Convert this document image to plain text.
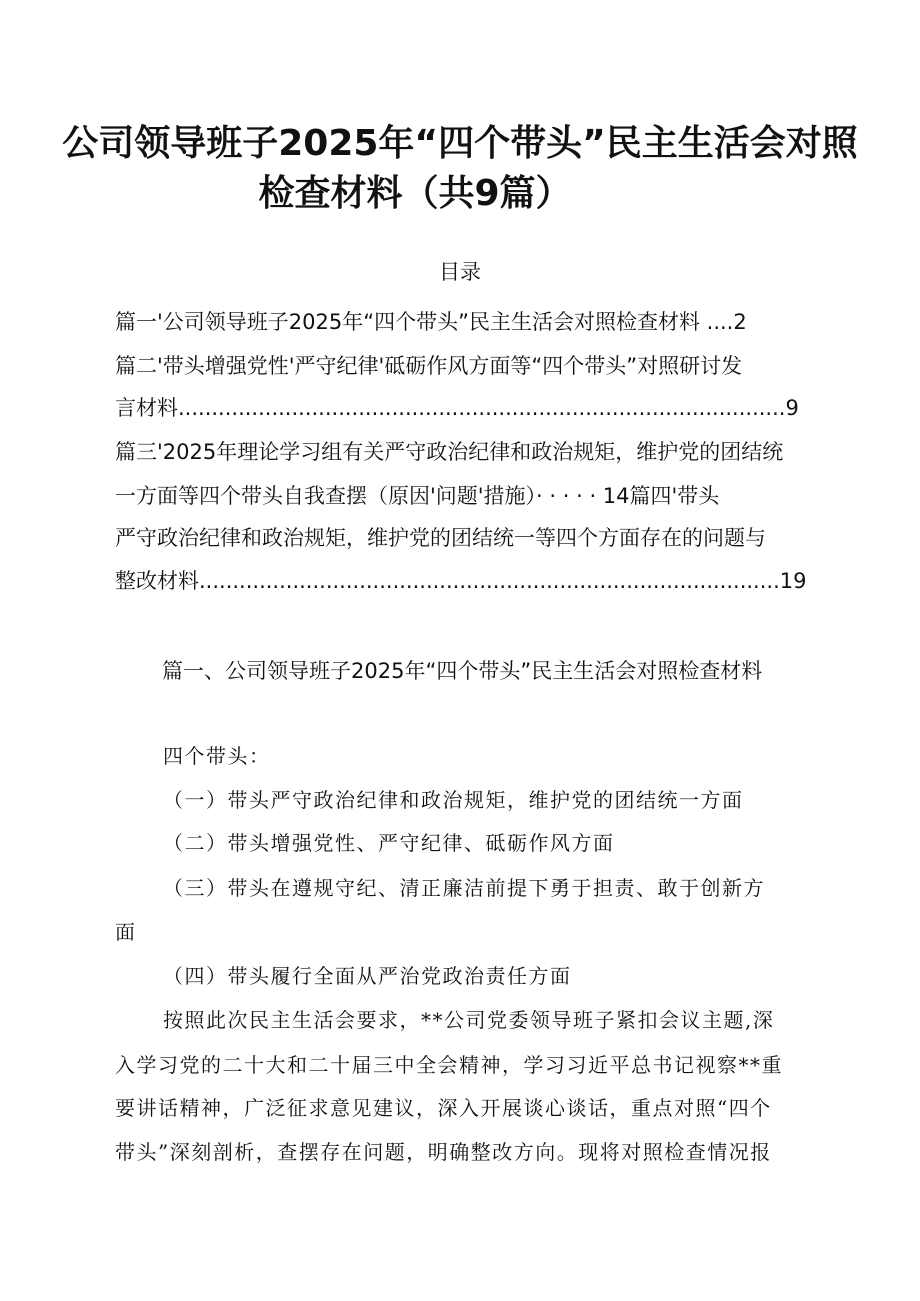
公司领导班子2025年“四个带头”民主生活会对照
检查材料（共9篇）
目录
篇一'公司领导班子2025年“四个带头”民主生活会对照检查材料 ....2
篇二'带头增强党性'严守纪律'砥砺作风方面等“四个带头”对照研讨发
言材料...........................................................................................9
篇三'2025年理论学习组有关严守政治纪律和政治规矩，维护党的团结统
一方面等四个带头自我查摆（原因'问题'措施）· · · · · 14篇四'带头
严守政治纪律和政治规矩，维护党的团结统一等四个方面存在的问题与
整改材料.......................................................................................19
篇一、公司领导班子2025年“四个带头”民主生活会对照检查材料
四个带头：
（一）带头严守政治纪律和政治规矩，维护党的团结统一方面
（二）带头增强党性、严守纪律、砥砺作风方面
（三）带头在遵规守纪、清正廉洁前提下勇于担责、敢于创新方
面
（四）带头履行全面从严治党政治责任方面
按照此次民主生活会要求，**公司党委领导班子紧扣会议主题,深
入学习党的二十大和二十届三中全会精神，学习习近平总书记视察**重
要讲话精神，广泛征求意见建议，深入开展谈心谈话，重点对照“四个
带头”深刻剖析，查摆存在问题，明确整改方向。现将对照检查情况报
